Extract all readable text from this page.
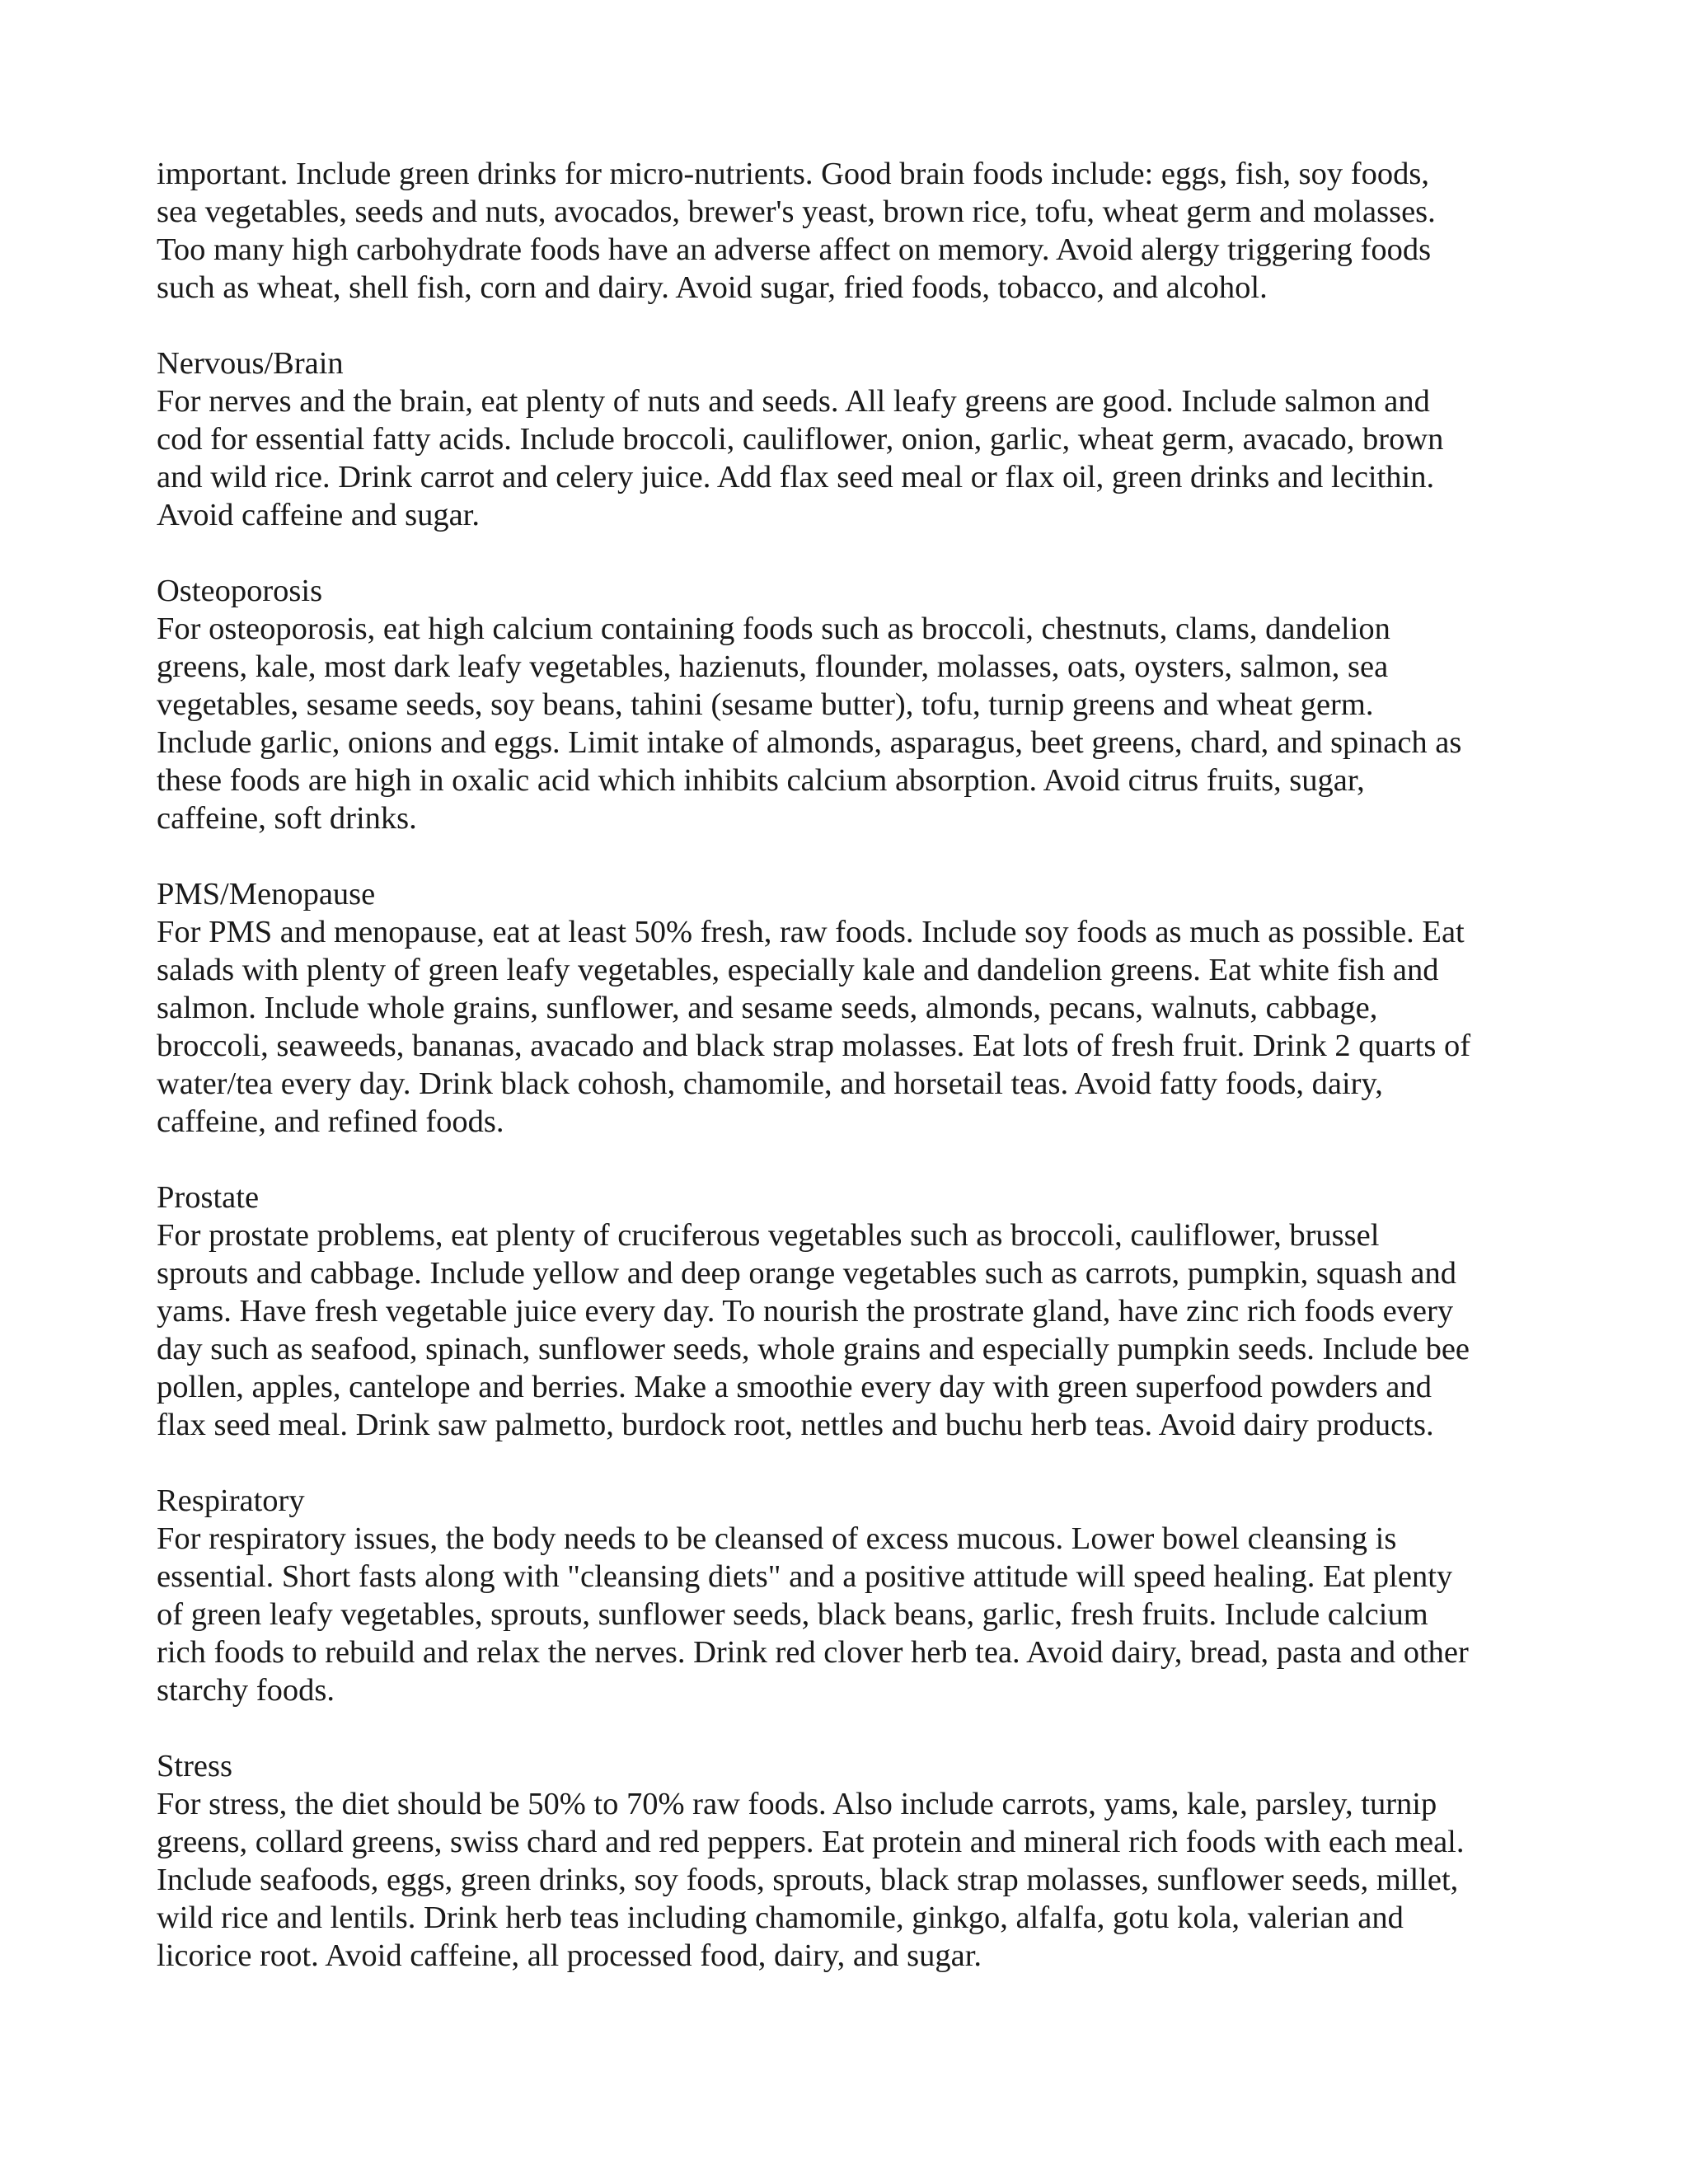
important. Include green drinks for micro-nutrients. Good brain foods include: eggs, fish, soy foods,
sea vegetables, seeds and nuts, avocados, brewer's yeast, brown rice, tofu, wheat germ and molasses.
Too many high carbohydrate foods have an adverse affect on memory. Avoid alergy triggering foods
such as wheat, shell fish, corn and dairy. Avoid sugar, fried foods, tobacco, and alcohol.

Nervous/Brain

For nerves and the brain, eat plenty of nuts and seeds. All leafy greens are good. Include salmon and
cod for essential fatty acids. Include broccoli, cauliflower, onion, garlic, wheat germ, avacado, brown
and wild rice. Drink carrot and celery juice. Add flax seed meal or flax oil, green drinks and lecithin.
Avoid caffeine and sugar.

Osteoporosis

For osteoporosis, eat high calcium containing foods such as broccoli, chestnuts, clams, dandelion
greens, kale, most dark leafy vegetables, hazienuts, flounder, molasses, oats, oysters, salmon, sea
vegetables, sesame seeds, soy beans, tahini (sesame butter), tofu, turnip greens and wheat germ.
Include garlic, onions and eggs. Limit intake of almonds, asparagus, beet greens, chard, and spinach as
these foods are high in oxalic acid which inhibits calcium absorption. Avoid citrus fruits, sugar,
caffeine, soft drinks.

PMS/Menopause

For PMS and menopause, eat at least 50% fresh, raw foods. Include soy foods as much as possible. Eat
salads with plenty of green leafy vegetables, especially kale and dandelion greens. Eat white fish and
salmon. Include whole grains, sunflower, and sesame seeds, almonds, pecans, walnuts, cabbage,
broccoli, seaweeds, bananas, avacado and black strap molasses. Eat lots of fresh fruit. Drink 2 quarts of
water/tea every day. Drink black cohosh, chamomile, and horsetail teas. Avoid fatty foods, dairy,
caffeine, and refined foods.

Prostate

For prostate problems, eat plenty of cruciferous vegetables such as broccoli, cauliflower, brussel
sprouts and cabbage. Include yellow and deep orange vegetables such as carrots, pumpkin, squash and
yams. Have fresh vegetable juice every day. To nourish the prostrate gland, have zinc rich foods every
day such as seafood, spinach, sunflower seeds, whole grains and especially pumpkin seeds. Include bee
pollen, apples, cantelope and berries. Make a smoothie every day with green superfood powders and
flax seed meal. Drink saw palmetto, burdock root, nettles and buchu herb teas. Avoid dairy products.

Respiratory

For respiratory issues, the body needs to be cleansed of excess mucous. Lower bowel cleansing is
essential. Short fasts along with "cleansing diets" and a positive attitude will speed healing. Eat plenty
of green leafy vegetables, sprouts, sunflower seeds, black beans, garlic, fresh fruits. Include calcium
rich foods to rebuild and relax the nerves. Drink red clover herb tea. Avoid dairy, bread, pasta and other
starchy foods.

Stress

For stress, the diet should be 50% to 70% raw foods. Also include carrots, yams, kale, parsley, turnip
greens, collard greens, swiss chard and red peppers. Eat protein and mineral rich foods with each meal.
Include seafoods, eggs, green drinks, soy foods, sprouts, black strap molasses, sunflower seeds, millet,
wild rice and lentils. Drink herb teas including chamomile, ginkgo, alfalfa, gotu kola, valerian and
licorice root. Avoid caffeine, all processed food, dairy, and sugar.
